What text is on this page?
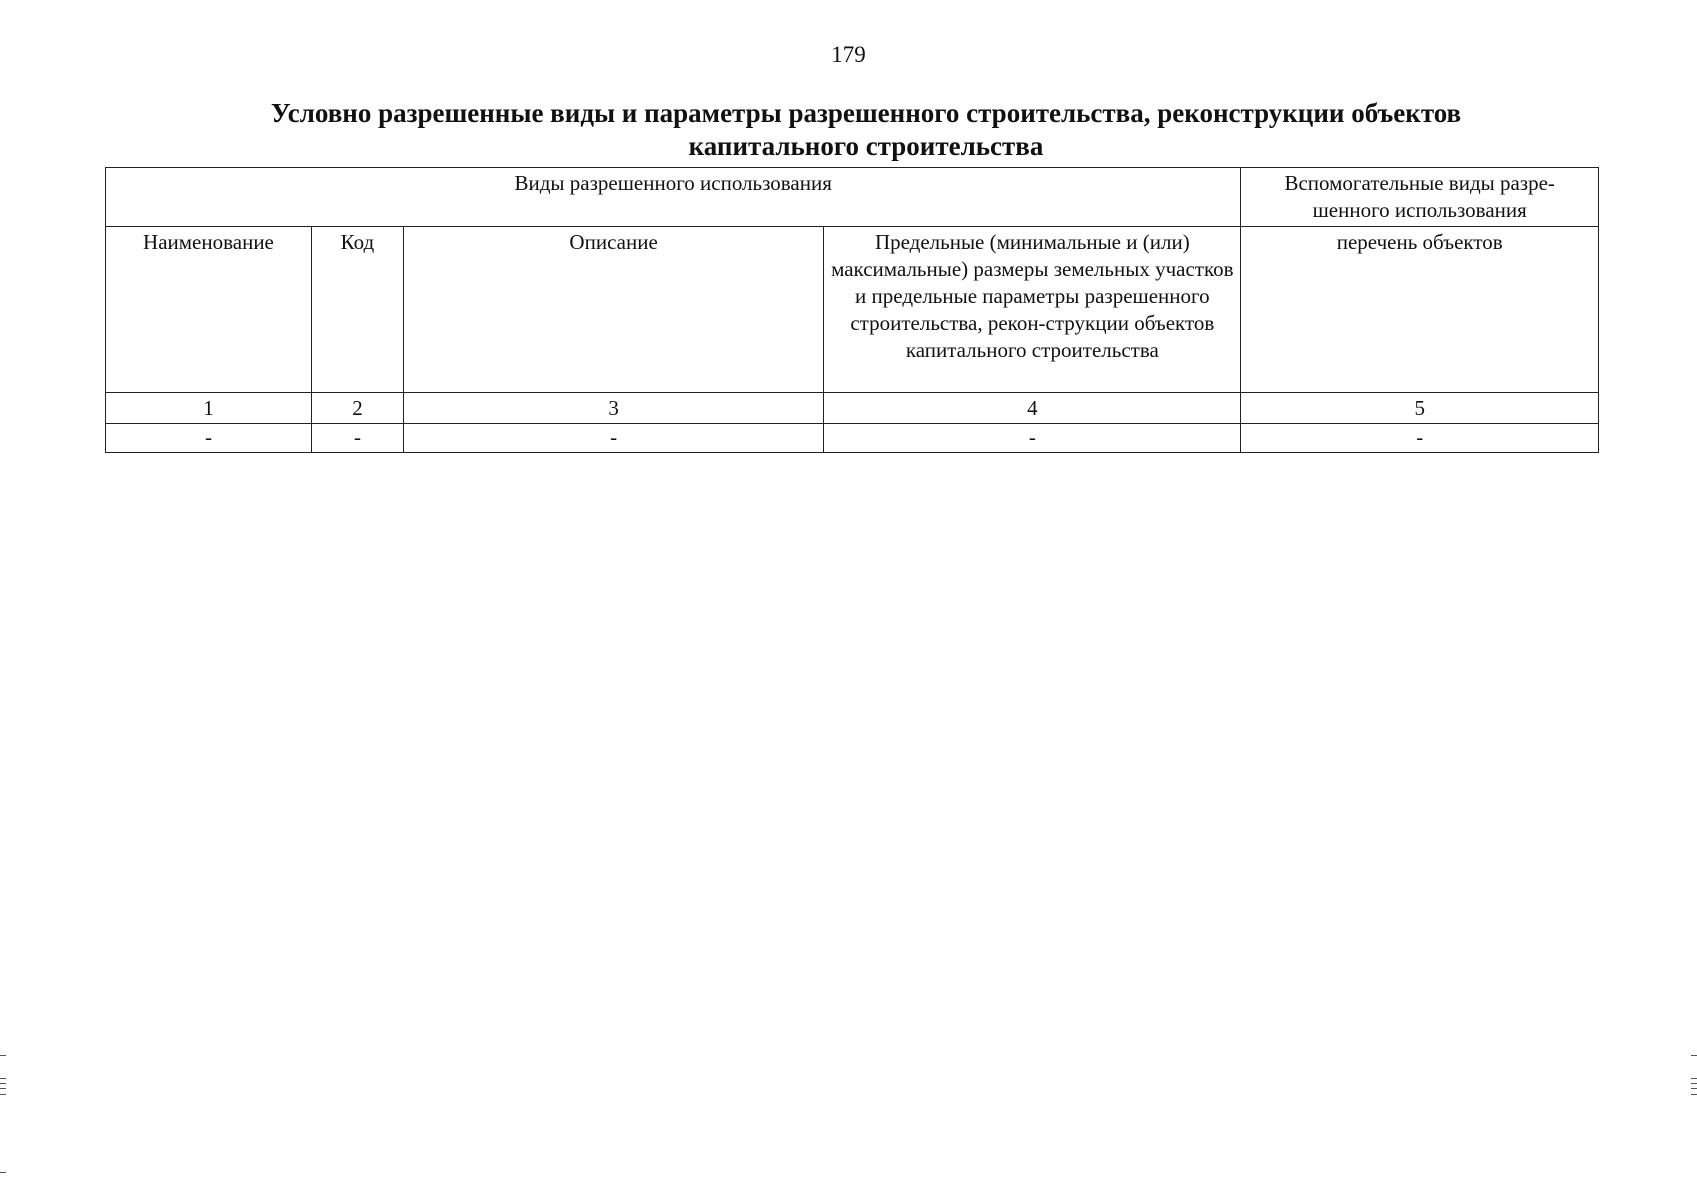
179
Условно разрешенные виды и параметры разрешенного строительства, реконструкции объектов
капитального строительства
Виды разрешенного использования				Вспомогательные виды разре-шенного использования
Наименование	Код	Описание	Предельные (минимальные и (или) максимальные) размеры земельных участков и предельные параметры разрешенного строительства, рекон-струкции объектов капитального строительства	перечень объектов
1	2	3	4	5
-	-	-	-	-
